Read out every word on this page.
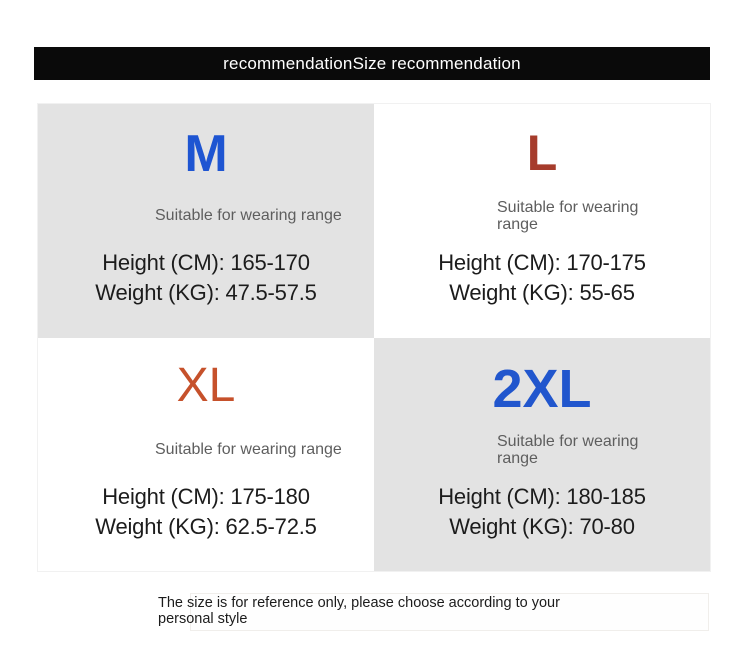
recommendationSize recommendation
M
Suitable for wearing range
Height (CM): 165-170
Weight (KG): 47.5-57.5
L
Suitable for wearing range
Height (CM): 170-175
Weight (KG): 55-65
XL
Suitable for wearing range
Height (CM): 175-180
Weight (KG): 62.5-72.5
2XL
Suitable for wearing range
Height (CM): 180-185
Weight (KG): 70-80
The size is for reference only, please choose according to your
personal style
